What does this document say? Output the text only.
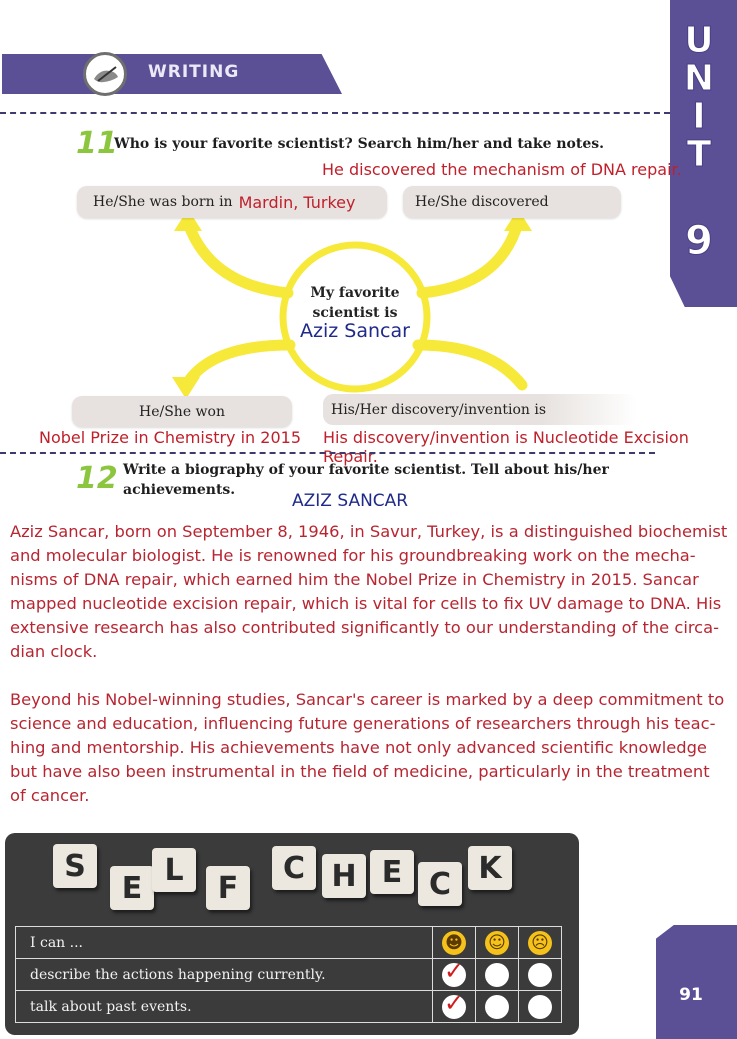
WRITING
U
N
I
T
9
11
Who is your favorite scientist? Search him/her and take notes.
He discovered the mechanism of DNA repair.
He/She was born in Mardin, Turkey	He/She discovered
My favorite scientist is
Aziz Sancar
He/She won	His/Her discovery/invention is
Nobel Prize in Chemistry in 2015 His discovery/invention is Nucleotide Excision Repair.
12 Write a biography of your favorite scientist. Tell about his/her
achievements.
AZIZ SANCAR
Aziz Sancar, born on September 8, 1946, in Savur, Turkey, is a distinguished biochemist
and molecular biologist. He is renowned for his groundbreaking work on the mecha-
nisms of DNA repair, which earned him the Nobel Prize in Chemistry in 2015. Sancar
mapped nucleotide excision repair, which is vital for cells to fix UV damage to DNA. His
extensive research has also contributed significantly to our understanding of the circa-
dian clock.
Beyond his Nobel-winning studies, Sancar's career is marked by a deep commitment to
science and education, influencing future generations of researchers through his teac-
hing and mentorship. His achievements have not only advanced scientific knowledge
but have also been instrumental in the field of medicine, particularly in the treatment
of cancer.
S
E
L
F
C H E C K
I can ...	☻	☺	☹
describe the actions happening currently.	✓		

talk about past events.	✓		
			91
